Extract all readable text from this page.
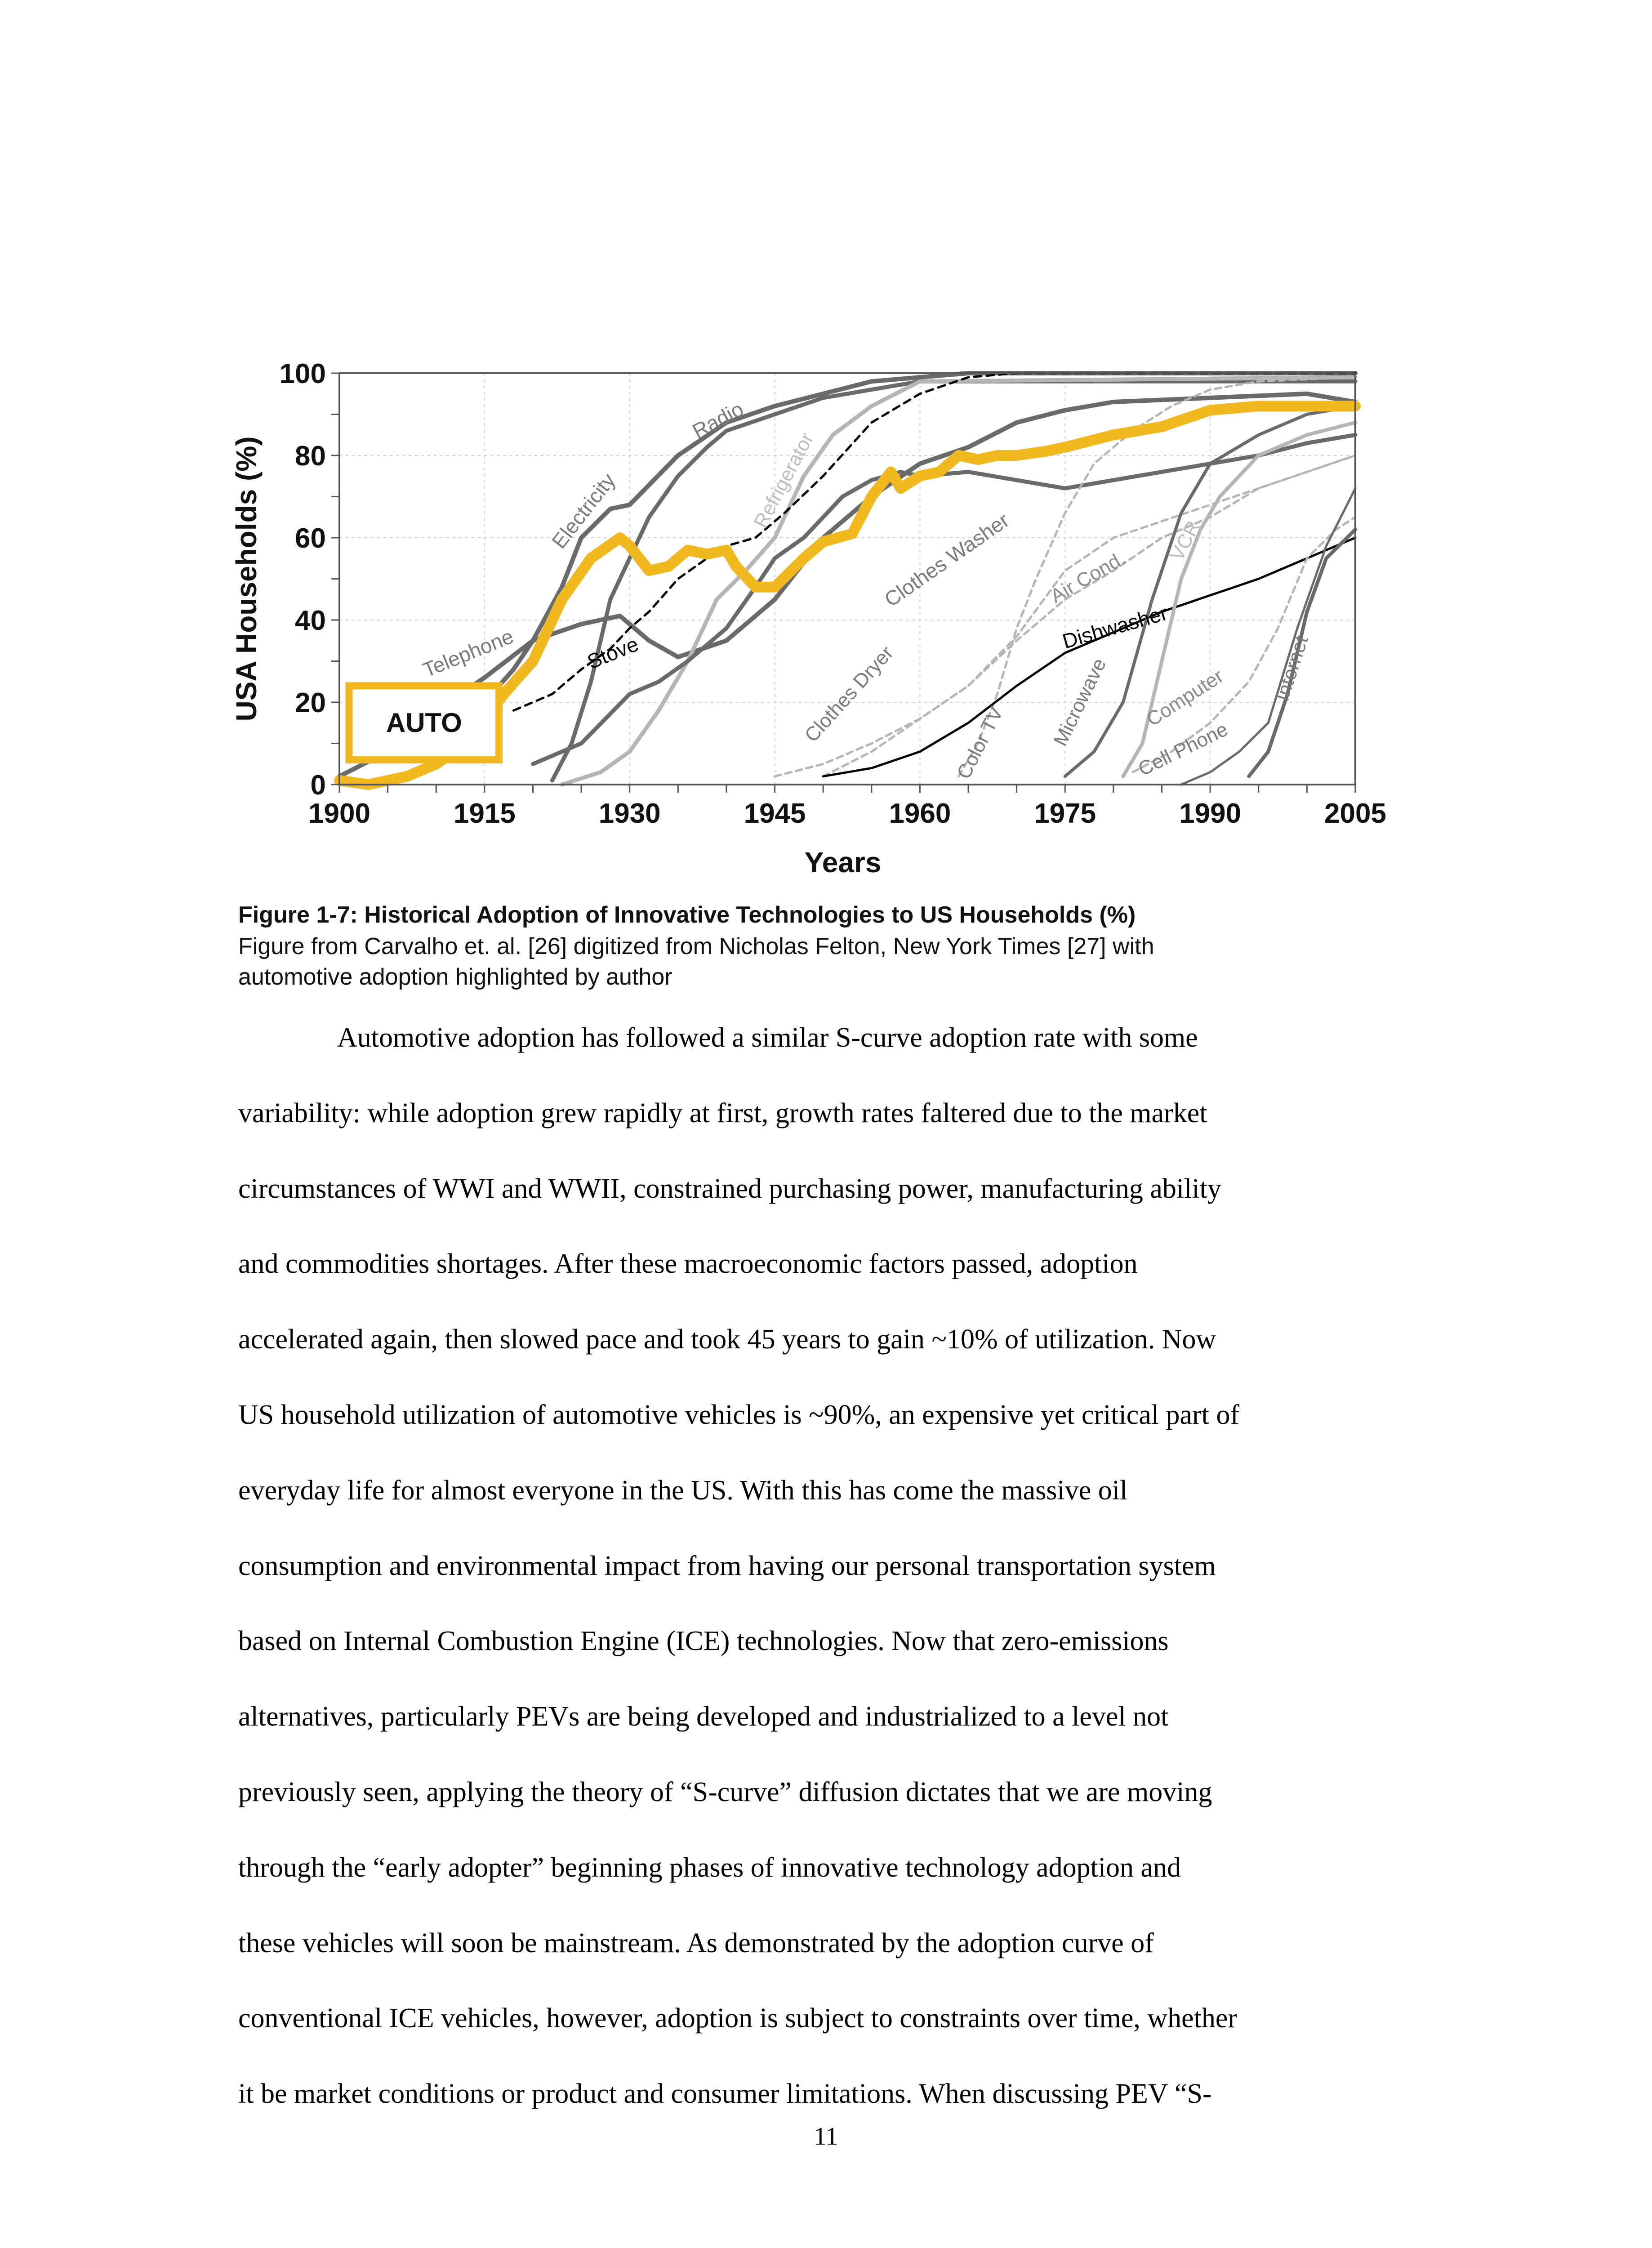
Telephone
Electricity
Radio
Refrigerator
Stove
Clothes Washer
Clothes Dryer	Color TV
Air Cond.
Dishwasher
Microwave
VCR
Computer
Cell Phone
Internet
AUTO
0
20
40
60
80
100
1900	1915	1930	1945	1960	1975	1990	2005
Years
USA Households (%)
Figure 1-7: Historical Adoption of Innovative Technologies to US Households (%)
Figure from Carvalho et. al. [26] digitized from Nicholas Felton, New York Times [27] with
automotive adoption highlighted by author
Automotive adoption has followed a similar S-curve adoption rate with some
variability: while adoption grew rapidly at first, growth rates faltered due to the market
circumstances of WWI and WWII, constrained purchasing power, manufacturing ability
and commodities shortages. After these macroeconomic factors passed, adoption
accelerated again, then slowed pace and took 45 years to gain ~10% of utilization. Now
US household utilization of automotive vehicles is ~90%, an expensive yet critical part of
everyday life for almost everyone in the US. With this has come the massive oil
consumption and environmental impact from having our personal transportation system
based on Internal Combustion Engine (ICE) technologies. Now that zero-emissions
alternatives, particularly PEVs are being developed and industrialized to a level not
previously seen, applying the theory of “S-curve” diffusion dictates that we are moving
through the “early adopter” beginning phases of innovative technology adoption and
these vehicles will soon be mainstream. As demonstrated by the adoption curve of
conventional ICE vehicles, however, adoption is subject to constraints over time, whether
it be market conditions or product and consumer limitations. When discussing PEV “S-
11
